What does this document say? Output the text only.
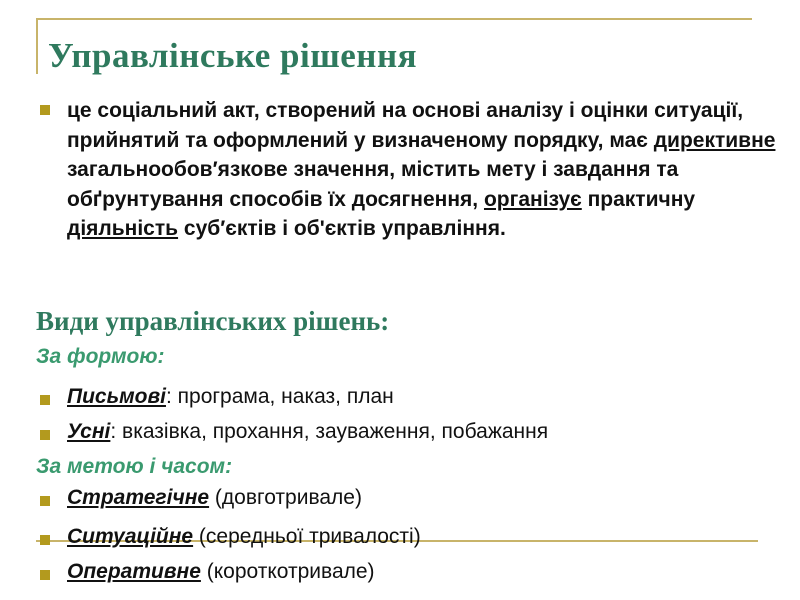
Управлінське рішення
це соціальний акт, створений на основі аналізу і оцінки ситуації, прийнятий та оформлений у визначеному порядку, має директивне загальнообов′язкове значення, містить мету і завдання та обґрунтування способів їх досягнення, організує практичну діяльність суб′єктів і об'єктів управління.
Види управлінських рішень:
За формою:
Письмові: програма, наказ, план
Усні: вказівка, прохання, зауваження, побажання
За метою і часом:
Стратегічне (довготривале)
Ситуаційне (середньої тривалості)
Оперативне (короткотривале)
